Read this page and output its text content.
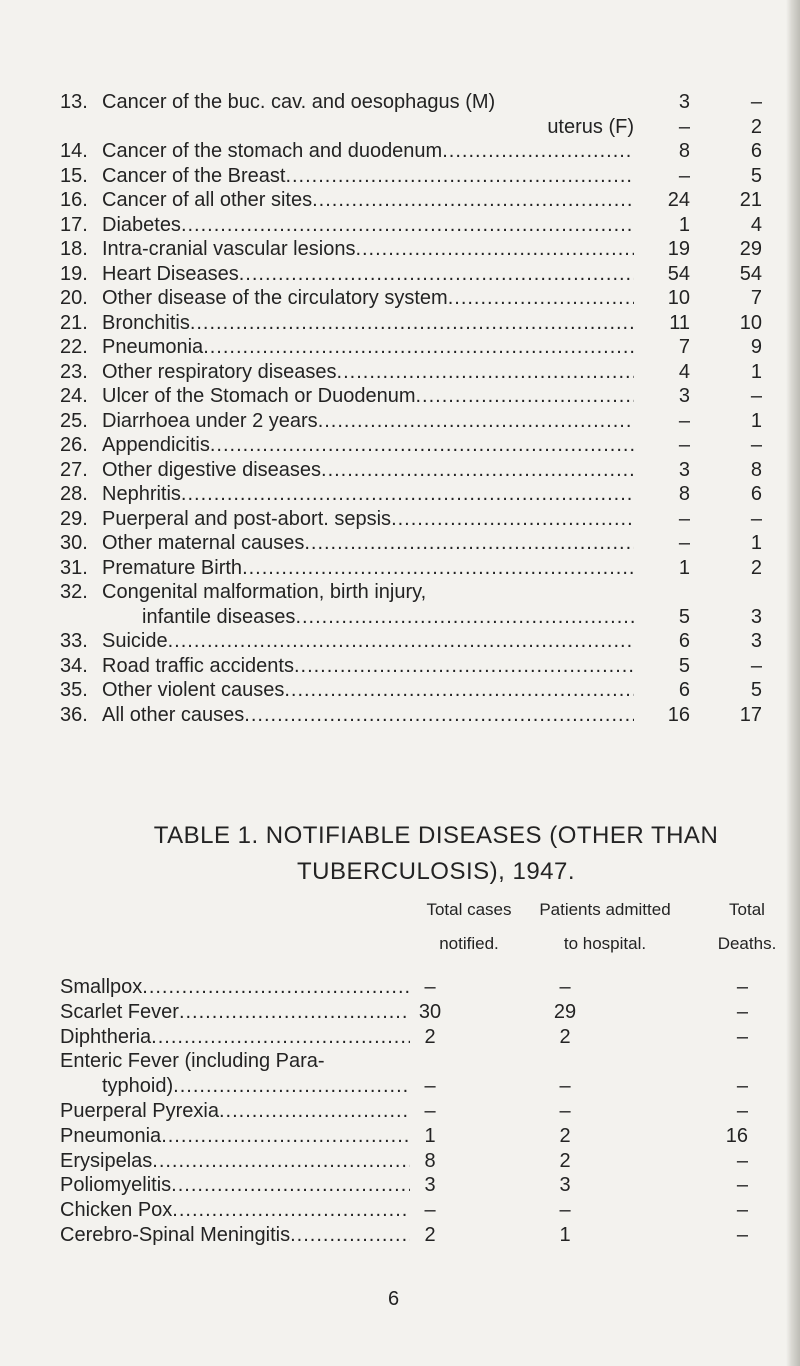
13. Cancer of the buc. cav. and oesophagus (M)	3	–
uterus (F)	–	2
14. Cancer of the stomach and duodenum .....	8	6
15. Cancer of the Breast .....	–	5
16. Cancer of all other sites .....	24	21
17. Diabetes .....	1	4
18. Intra-cranial vascular lesions .....	19	29
19. Heart Diseases .....	54	54
20. Other disease of the circulatory system .....	10	7
21. Bronchitis .....	11	10
22. Pneumonia .....	7	9
23. Other respiratory diseases .....	4	1
24. Ulcer of the Stomach or Duodenum .....	3	–
25. Diarrhoea under 2 years .....	–	1
26. Appendicitis .....	–	–
27. Other digestive diseases .....	3	8
28. Nephritis .....	8	6
29. Puerperal and post-abort. sepsis .....	–	–
30. Other maternal causes .....	–	1
31. Premature Birth .....	1	2
32. Congenital malformation, birth injury,
infantile diseases .....	5	3
33. Suicide .....	6	3
34. Road traffic accidents .....	5	–
35. Other violent causes .....	6	5
36. All other causes .....	16	17
TABLE 1. NOTIFIABLE DISEASES (OTHER THAN
TUBERCULOSIS), 1947.
Total cases
notified.
Patients admitted
to hospital.
Total
Deaths.
Smallpox .....	–	–	–
Scarlet Fever .....	30	29	–
Diphtheria .....	2	2	–
Enteric Fever (including Para-
typhoid) .....	–	–	–
Puerperal Pyrexia .....	–	–	–
Pneumonia .....	1	2	16
Erysipelas .....	8	2	–
Poliomyelitis .....	3	3	–
Chicken Pox .....	–	–	–
Cerebro-Spinal Meningitis .....	2	1	–
6
